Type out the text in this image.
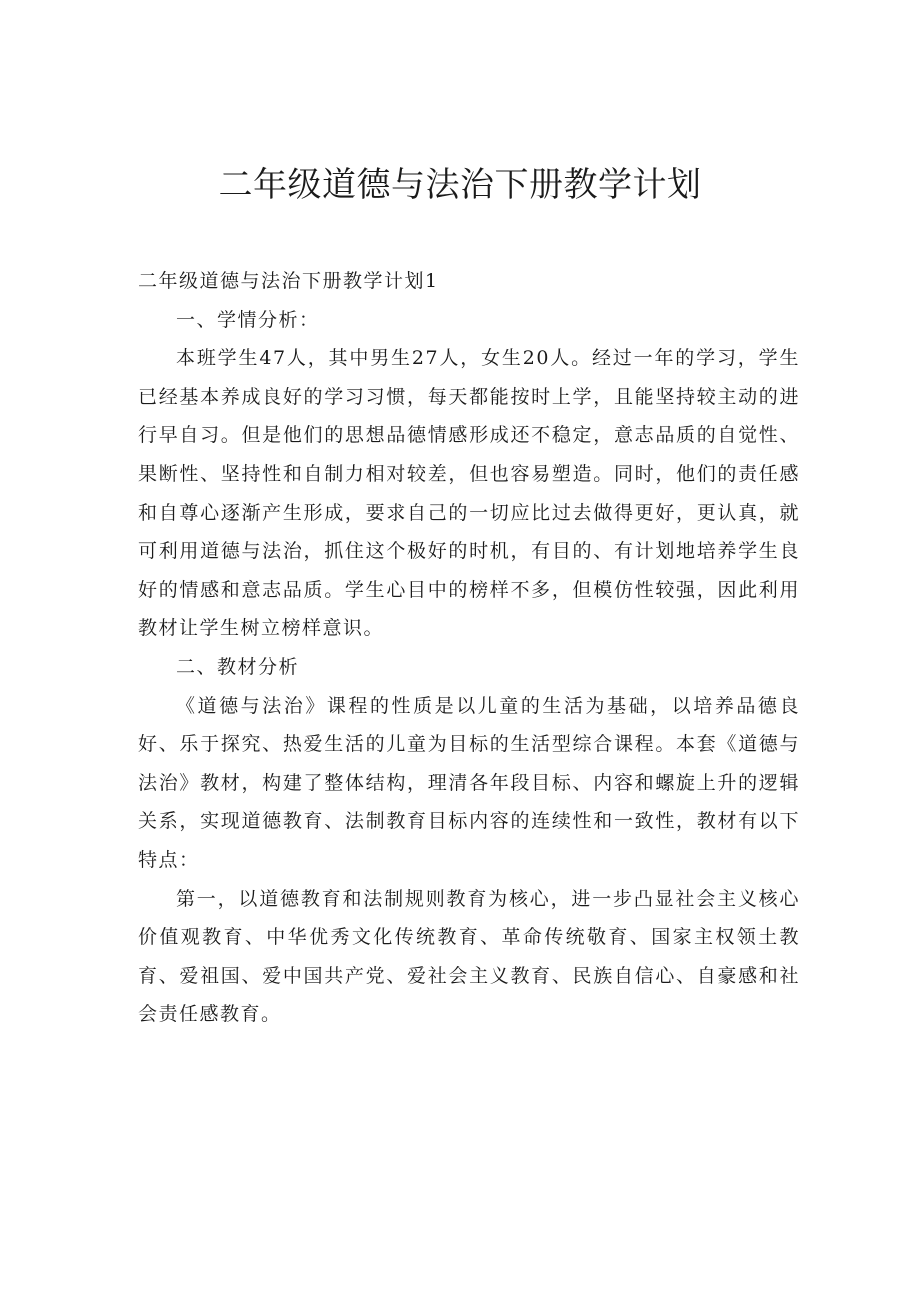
二年级道德与法治下册教学计划

二年级道德与法治下册教学计划1

一、学情分析：

本班学生47人，其中男生27人，女生20人。经过一年的学习，学生已经基本养成良好的学习习惯，每天都能按时上学，且能坚持较主动的进行早自习。但是他们的思想品德情感形成还不稳定，意志品质的自觉性、果断性、坚持性和自制力相对较差，但也容易塑造。同时，他们的责任感和自尊心逐渐产生形成，要求自己的一切应比过去做得更好，更认真，就可利用道德与法治，抓住这个极好的时机，有目的、有计划地培养学生良好的情感和意志品质。学生心目中的榜样不多，但模仿性较强，因此利用教材让学生树立榜样意识。

二、教材分析

《道德与法治》课程的性质是以儿童的生活为基础，以培养品德良好、乐于探究、热爱生活的儿童为目标的生活型综合课程。本套《道德与法治》教材，构建了整体结构，理清各年段目标、内容和螺旋上升的逻辑关系，实现道德教育、法制教育目标内容的连续性和一致性，教材有以下特点：

第一，以道德教育和法制规则教育为核心，进一步凸显社会主义核心价值观教育、中华优秀文化传统教育、革命传统敬育、国家主权领土教育、爱祖国、爱中国共产党、爱社会主义教育、民族自信心、自豪感和社会责任感教育。
